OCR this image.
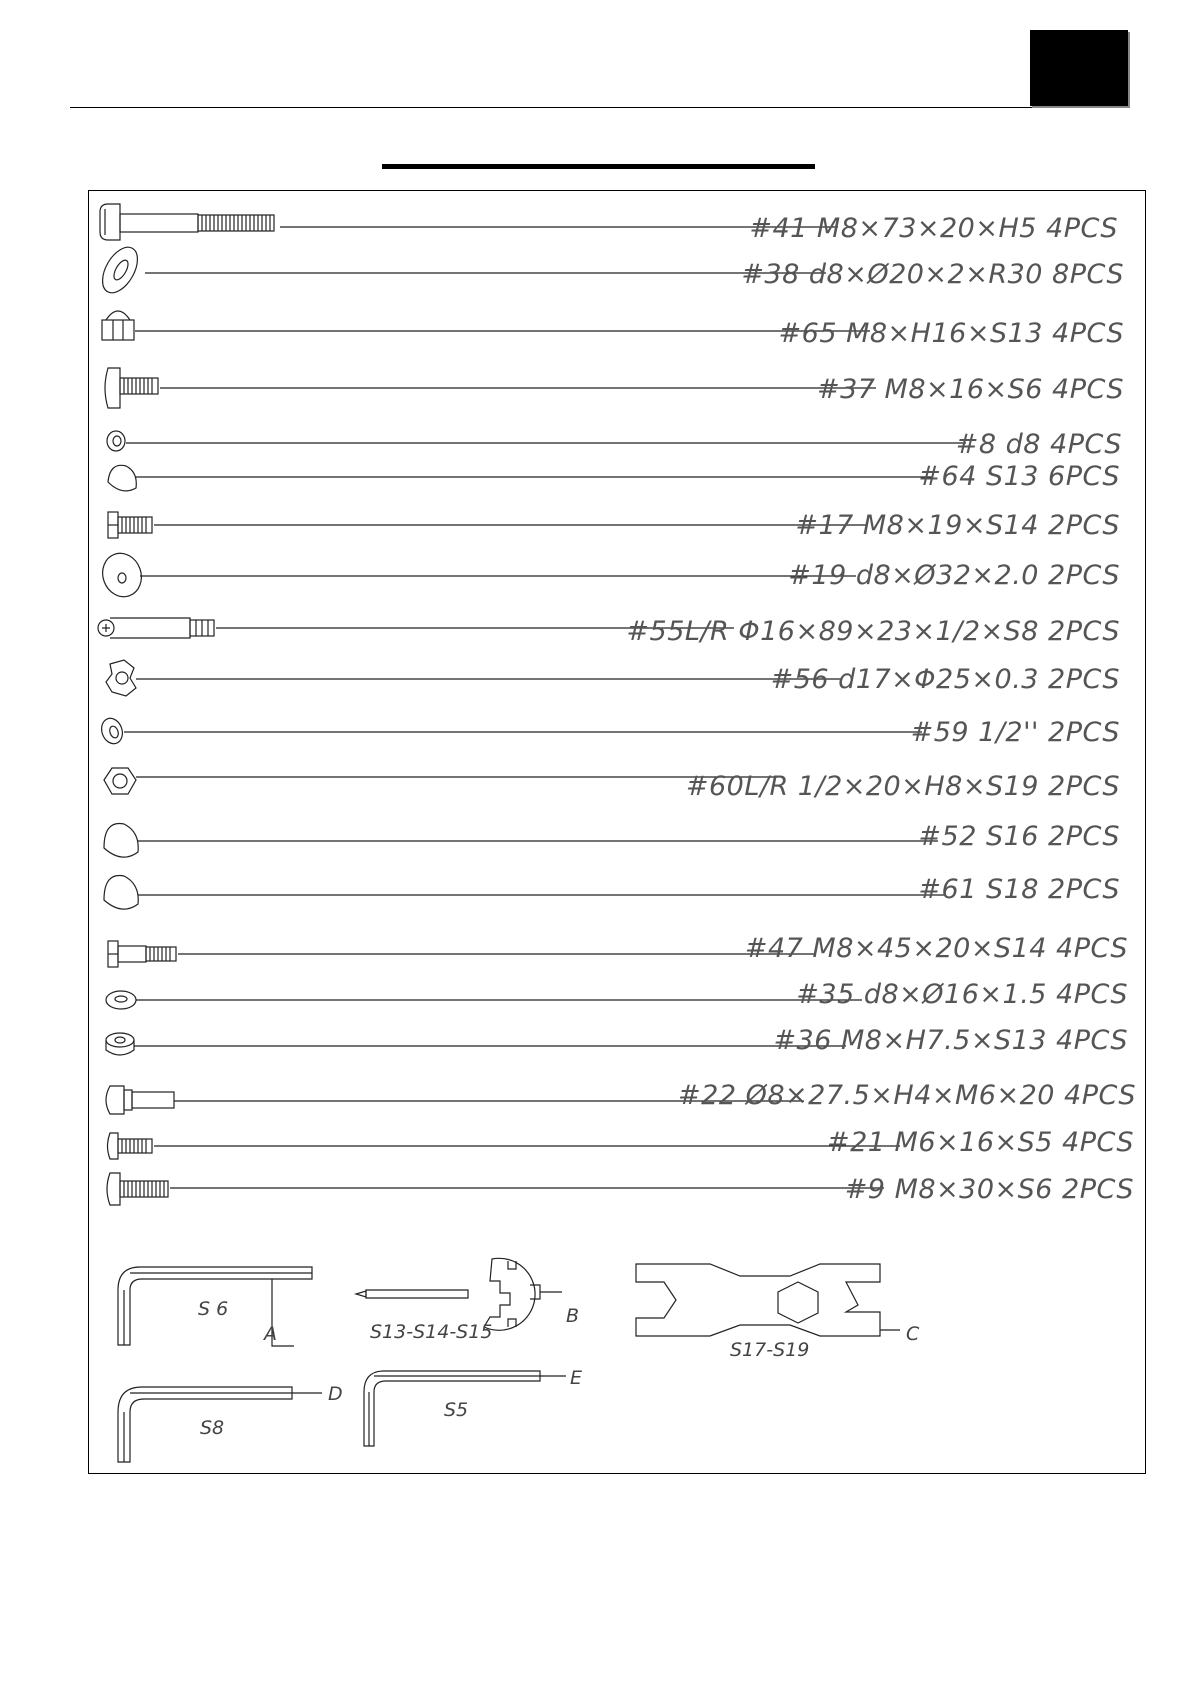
#41 M8×73×20×H5 4PCS
#38 d8×Ø20×2×R30 8PCS
#65 M8×H16×S13 4PCS
#37 M8×16×S6 4PCS
#8 d8 4PCS
#64 S13 6PCS
#17 M8×19×S14 2PCS
#19 d8×Ø32×2.0 2PCS
#55L/R Φ16×89×23×1/2×S8 2PCS
#56 d17×Φ25×0.3 2PCS
#59 1/2'' 2PCS
#60L/R 1/2×20×H8×S19 2PCS
#52 S16 2PCS
#61 S18 2PCS
#47 M8×45×20×S14 4PCS
#35 d8×Ø16×1.5 4PCS
#36 M8×H7.5×S13 4PCS
#22 Ø8×27.5×H4×M6×20 4PCS
#21 M6×16×S5 4PCS
#9 M8×30×S6 2PCS
S 6
A	S13-S14-S15
B
S17-S19
C
S8
D
S5
E
